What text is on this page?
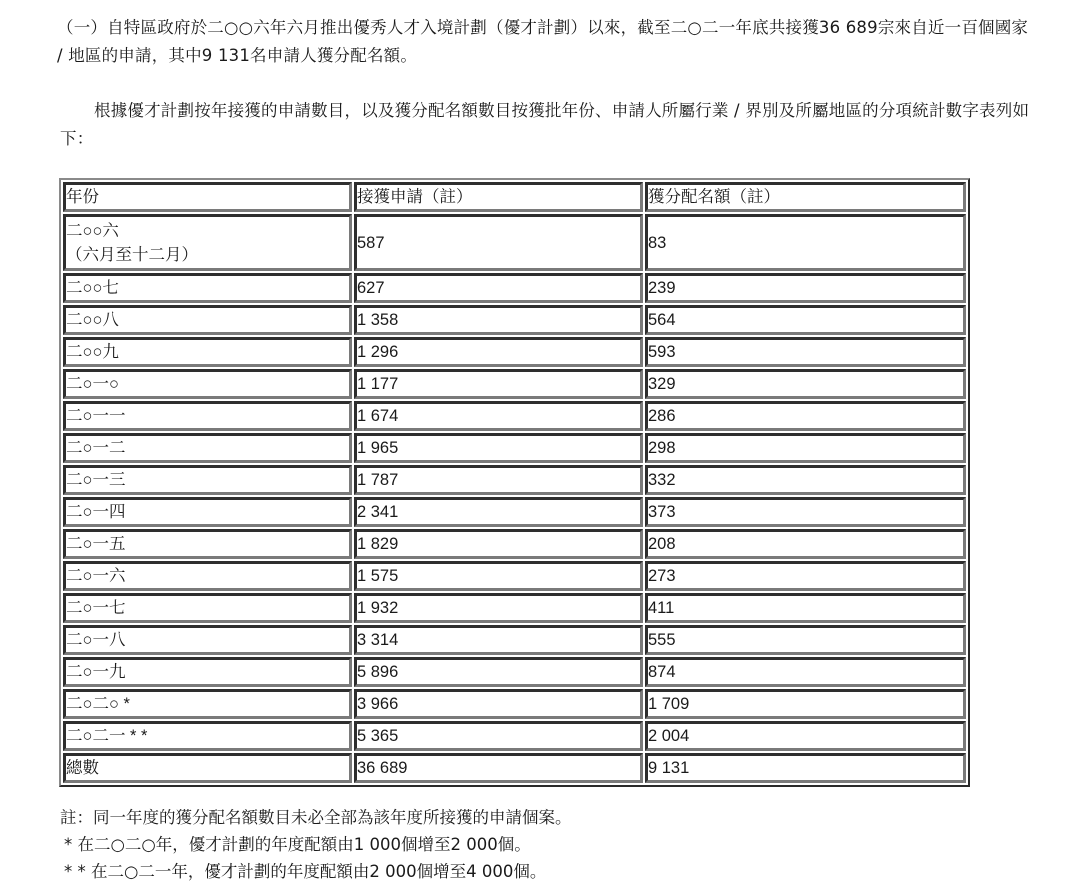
（一）自特區政府於二○○六年六月推出優秀人才入境計劃（優才計劃）以來，截至二○二一年底共接獲36 689宗來自近一百個國家 / 地區的申請，其中9 131名申請人獲分配名額。

根據優才計劃按年接獲的申請數目，以及獲分配名額數目按獲批年份、申請人所屬行業 / 界別及所屬地區的分項統計數字表列如下：

年份	接獲申請（註）	獲分配名額（註）

二○○六
（六月至十二月）	587	83
二○○七	627	239
二○○八	1 358	564
二○○九	1 296	593
二○一○	1 177	329
二○一一	1 674	286
二○一二	1 965	298
二○一三	1 787	332
二○一四	2 341	373
二○一五	1 829	208
二○一六	1 575	273
二○一七	1 932	411
二○一八	3 314	555
二○一九	5 896	874
二○二○ *	3 966	1 709
二○二一 * *	5 365	2 004
總數	36 689	9 131

註：同一年度的獲分配名額數目未必全部為該年度所接獲的申請個案。

* 在二○二○年，優才計劃的年度配額由1 000個增至2 000個。

* * 在二○二一年，優才計劃的年度配額由2 000個增至4 000個。
